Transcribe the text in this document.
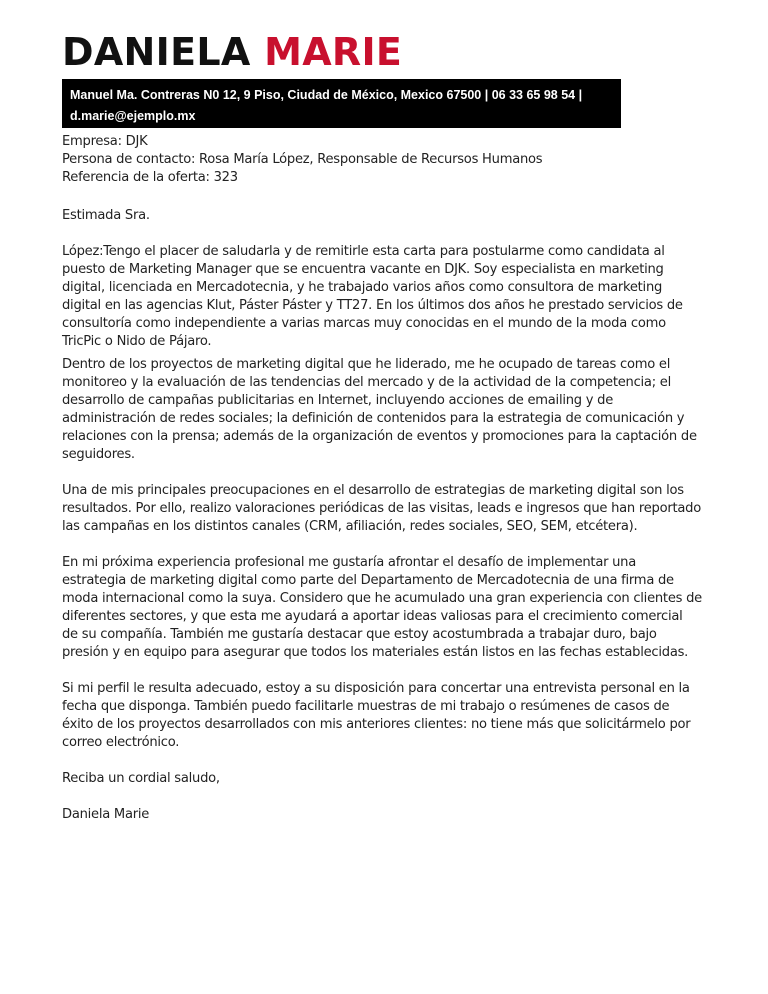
DANIELA MARIE
Manuel Ma. Contreras N0 12, 9 Piso, Ciudad de México, Mexico 67500 | 06 33 65 98 54 |
d.marie@ejemplo.mx

Empresa: DJK

Persona de contacto: Rosa María López, Responsable de Recursos Humanos

Referencia de la oferta: 323

Estimada Sra.

López:Tengo el placer de saludarla y de remitirle esta carta para postularme como candidata al puesto de Marketing Manager que se encuentra vacante en DJK. Soy especialista en marketing digital, licenciada en Mercadotecnia, y he trabajado varios años como consultora de marketing digital en las agencias Klut, Páster Páster y TT27. En los últimos dos años he prestado servicios de consultoría como independiente a varias marcas muy conocidas en el mundo de la moda como TricPic o Nido de Pájaro.

Dentro de los proyectos de marketing digital que he liderado, me he ocupado de tareas como el monitoreo y la evaluación de las tendencias del mercado y de la actividad de la competencia; el desarrollo de campañas publicitarias en Internet, incluyendo acciones de emailing y de administración de redes sociales; la definición de contenidos para la estrategia de comunicación y relaciones con la prensa; además de la organización de eventos y promociones para la captación de seguidores.

Una de mis principales preocupaciones en el desarrollo de estrategias de marketing digital son los resultados. Por ello, realizo valoraciones periódicas de las visitas, leads e ingresos que han reportado las campañas en los distintos canales (CRM, afiliación, redes sociales, SEO, SEM, etcétera).

En mi próxima experiencia profesional me gustaría afrontar el desafío de implementar una estrategia de marketing digital como parte del Departamento de Mercadotecnia de una firma de moda internacional como la suya. Considero que he acumulado una gran experiencia con clientes de diferentes sectores, y que esta me ayudará a aportar ideas valiosas para el crecimiento comercial de su compañía. También me gustaría destacar que estoy acostumbrada a trabajar duro, bajo presión y en equipo para asegurar que todos los materiales están listos en las fechas establecidas.

Si mi perfil le resulta adecuado, estoy a su disposición para concertar una entrevista personal en la fecha que disponga. También puedo facilitarle muestras de mi trabajo o resúmenes de casos de éxito de los proyectos desarrollados con mis anteriores clientes: no tiene más que solicitármelo por correo electrónico.

Reciba un cordial saludo,

Daniela Marie
